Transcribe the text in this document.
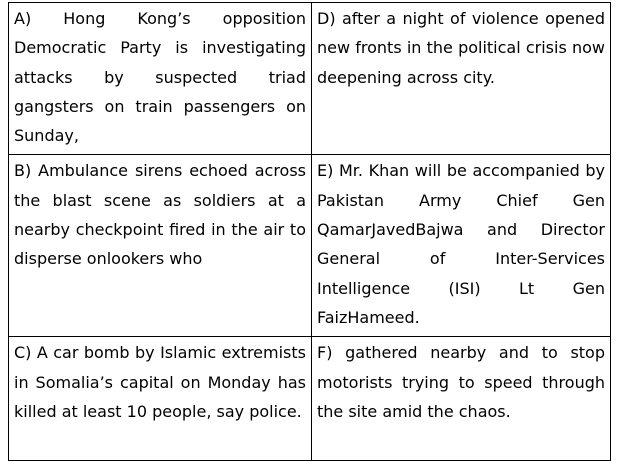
A) Hong Kong’s opposition Democratic Party is investigating attacks by suspected triad gangsters on train passengers on Sunday,	D) after a night of violence opened new fronts in the political crisis now deepening across city.
B) Ambulance sirens echoed across the blast scene as soldiers at a nearby checkpoint fired in the air to disperse onlookers who	E) Mr. Khan will be accompanied by Pakistan Army Chief Gen QamarJavedBajwa and Director General of Inter-Services Intelligence (ISI) Lt Gen FaizHameed.
C) A car bomb by Islamic extremists in Somalia’s capital on Monday has killed at least 10 people, say police.	F) gathered nearby and to stop motorists trying to speed through the site amid the chaos.
